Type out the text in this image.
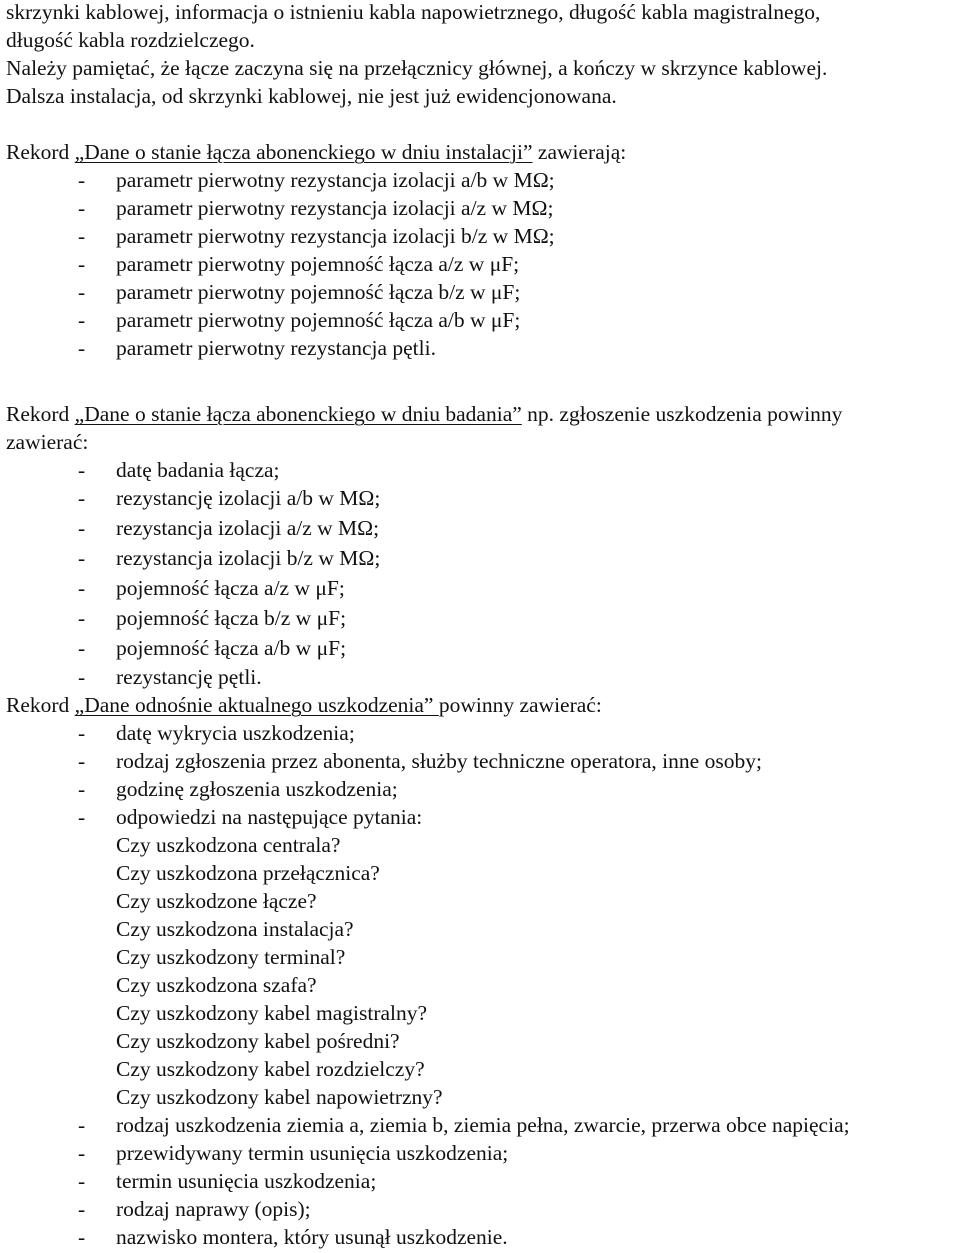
skrzynki kablowej, informacja o istnieniu kabla napowietrznego, długość kabla magistralnego,
długość kabla rozdzielczego.
Należy pamiętać, że łącze zaczyna się na przełącznicy głównej, a kończy w skrzynce kablowej.
Dalsza instalacja, od skrzynki kablowej, nie jest już ewidencjonowana.
Rekord „Dane o stanie łącza abonenckiego w dniu instalacji” zawierają:
- parametr pierwotny rezystancja izolacji a/b w MΩ;
- parametr pierwotny rezystancja izolacji a/z w MΩ;
- parametr pierwotny rezystancja izolacji b/z w MΩ;
- parametr pierwotny pojemność łącza a/z w μF;
- parametr pierwotny pojemność łącza b/z w μF;
- parametr pierwotny pojemność łącza a/b w μF;
- parametr pierwotny rezystancja pętli.
Rekord „Dane o stanie łącza abonenckiego w dniu badania” np. zgłoszenie uszkodzenia powinny
zawierać:
- datę badania łącza;
- rezystancję izolacji a/b w MΩ;
- rezystancja izolacji a/z w MΩ;
- rezystancja izolacji b/z w MΩ;
- pojemność łącza a/z w μF;
- pojemność łącza b/z w μF;
- pojemność łącza a/b w μF;
- rezystancję pętli.
Rekord „Dane odnośnie aktualnego uszkodzenia” powinny zawierać:
- datę wykrycia uszkodzenia;
- rodzaj zgłoszenia przez abonenta, służby techniczne operatora, inne osoby;
- godzinę zgłoszenia uszkodzenia;
- odpowiedzi na następujące pytania:
Czy uszkodzona centrala?
Czy uszkodzona przełącznica?
Czy uszkodzone łącze?
Czy uszkodzona instalacja?
Czy uszkodzony terminal?
Czy uszkodzona szafa?
Czy uszkodzony kabel magistralny?
Czy uszkodzony kabel pośredni?
Czy uszkodzony kabel rozdzielczy?
Czy uszkodzony kabel napowietrzny?
- rodzaj uszkodzenia ziemia a, ziemia b, ziemia pełna, zwarcie, przerwa obce napięcia;
- przewidywany termin usunięcia uszkodzenia;
- termin usunięcia uszkodzenia;
- rodzaj naprawy (opis);
- nazwisko montera, który usunął uszkodzenie.
